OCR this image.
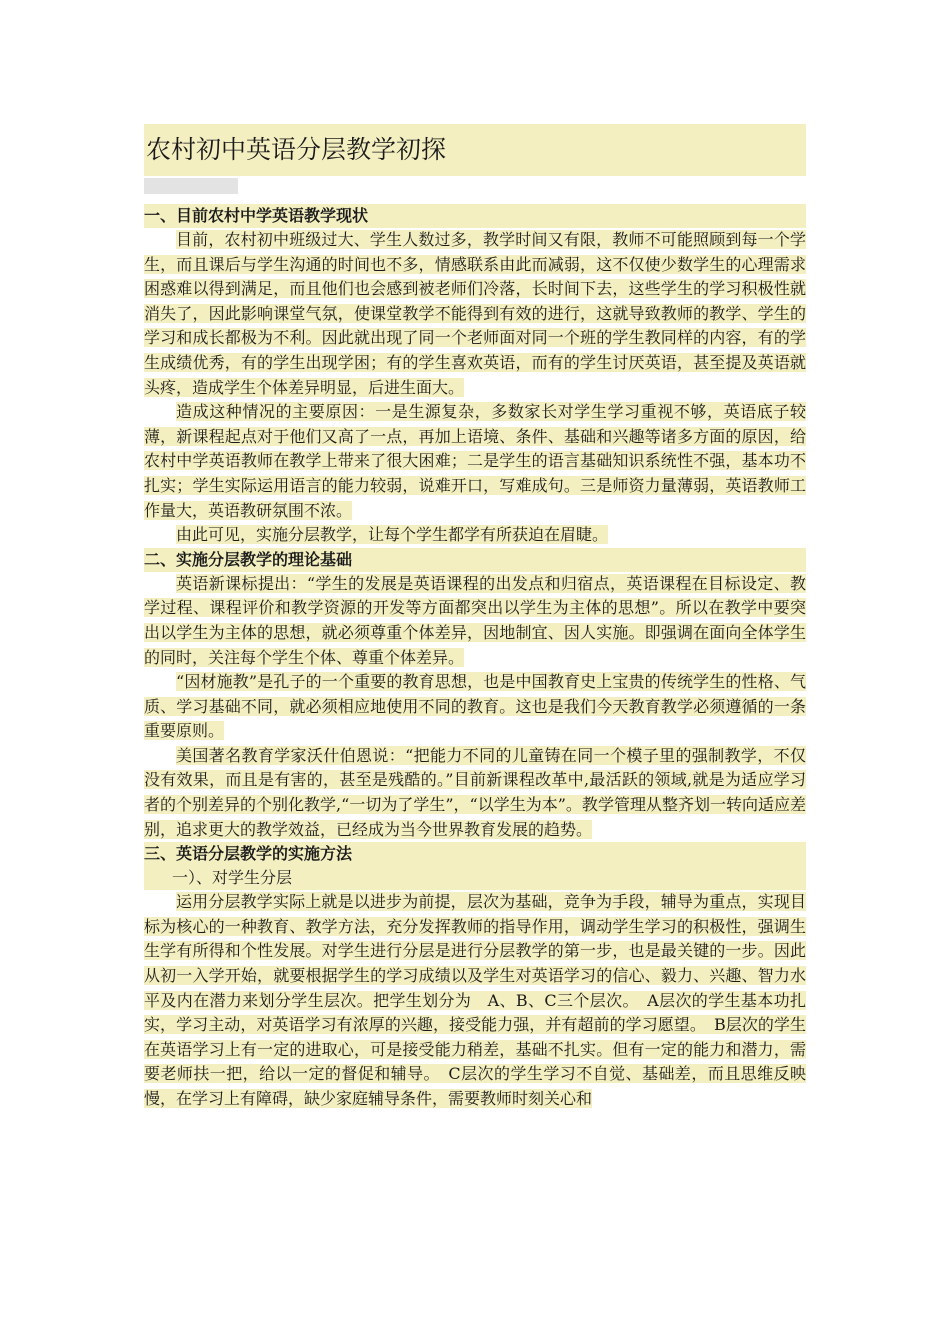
农村初中英语分层教学初探
一、目前农村中学英语教学现状

目前，农村初中班级过大、学生人数过多，教学时间又有限，教师不可能照顾到每一个学生，而且课后与学生沟通的时间也不多，情感联系由此而减弱，这不仅使少数学生的心理需求困惑难以得到满足，而且他们也会感到被老师们冷落，长时间下去，这些学生的学习积极性就消失了，因此影响课堂气氛，使课堂教学不能得到有效的进行，这就导致教师的教学、学生的学习和成长都极为不利。因此就出现了同一个老师面对同一个班的学生教同样的内容，有的学生成绩优秀，有的学生出现学困；有的学生喜欢英语，而有的学生讨厌英语，甚至提及英语就头疼，造成学生个体差异明显，后进生面大。

造成这种情况的主要原因：一是生源复杂，多数家长对学生学习重视不够，英语底子较薄，新课程起点对于他们又高了一点，再加上语境、条件、基础和兴趣等诸多方面的原因，给农村中学英语教师在教学上带来了很大困难；二是学生的语言基础知识系统性不强，基本功不扎实；学生实际运用语言的能力较弱，说难开口，写难成句。三是师资力量薄弱，英语教师工作量大，英语教研氛围不浓。

由此可见，实施分层教学，让每个学生都学有所获迫在眉睫。

二、实施分层教学的理论基础

英语新课标提出：“学生的发展是英语课程的出发点和归宿点，英语课程在目标设定、教学过程、课程评价和教学资源的开发等方面都突出以学生为主体的思想”。所以在教学中要突出以学生为主体的思想，就必须尊重个体差异，因地制宜、因人实施。即强调在面向全体学生的同时，关注每个学生个体、尊重个体差异。

“因材施教”是孔子的一个重要的教育思想，也是中国教育史上宝贵的传统学生的性格、气质、学习基础不同，就必须相应地使用不同的教育。这也是我们今天教育教学必须遵循的一条重要原则。

美国著名教育学家沃什伯恩说：“把能力不同的儿童铸在同一个模子里的强制教学，不仅没有效果，而且是有害的，甚至是残酷的。”目前新课程改革中,最活跃的领域,就是为适应学习者的个别差异的个别化教学,“一切为了学生”，“以学生为本”。教学管理从整齐划一转向适应差别，追求更大的教学效益，已经成为当今世界教育发展的趋势。

三、英语分层教学的实施方法
一）、对学生分层

运用分层教学实际上就是以进步为前提，层次为基础，竞争为手段，辅导为重点，实现目标为核心的一种教育、教学方法，充分发挥教师的指导作用，调动学生学习的积极性，强调生生学有所得和个性发展。对学生进行分层是进行分层教学的第一步，也是最关键的一步。因此从初一入学开始，就要根据学生的学习成绩以及学生对英语学习的信心、毅力、兴趣、智力水平及内在潜力来划分学生层次。把学生划分为　A、B、C三个层次。　A层次的学生基本功扎实，学习主动，对英语学习有浓厚的兴趣，接受能力强，并有超前的学习愿望。　B层次的学生在英语学习上有一定的进取心，可是接受能力稍差，基础不扎实。但有一定的能力和潜力，需要老师扶一把，给以一定的督促和辅导。　C层次的学生学习不自觉、基础差，而且思维反映慢，在学习上有障碍，缺少家庭辅导条件，需要教师时刻关心和
